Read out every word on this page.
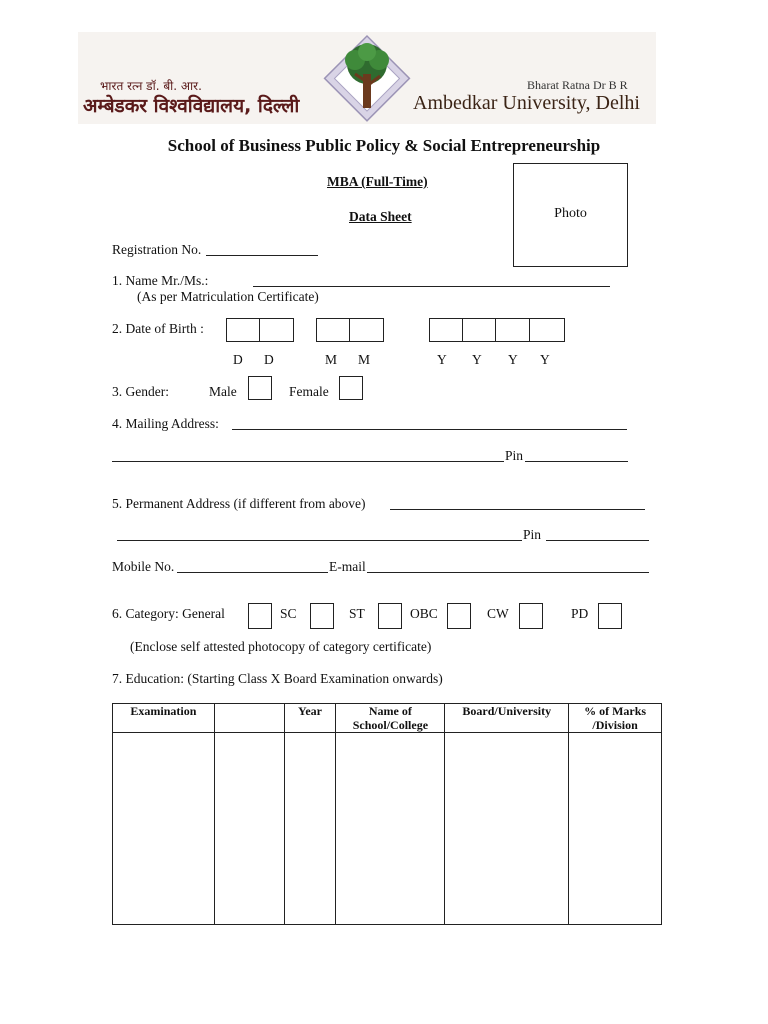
भारत रत्न डॉ. बी. आर.
अम्बेडकर विश्वविद्यालय, दिल्ली
Bharat Ratna Dr B R
Ambedkar University, Delhi
School of Business Public Policy & Social Entrepreneurship
MBA (Full-Time)
Data Sheet	Photo
Registration No.
1. Name Mr./Ms.:
(As per Matriculation Certificate)
2. Date of Birth :
D D	M M	Y Y Y Y
3. Gender:	Male	Female
4. Mailing Address:
Pin
5. Permanent Address (if different from above)
Pin
Mobile No.	E-mail
6. Category: General	SC	ST	OBC	CW	PD
(Enclose self attested photocopy of category certificate)
7. Education: (Starting Class X Board Examination onwards)
Examination		Year	Name of School/College	Board/University	% of Marks /Division
